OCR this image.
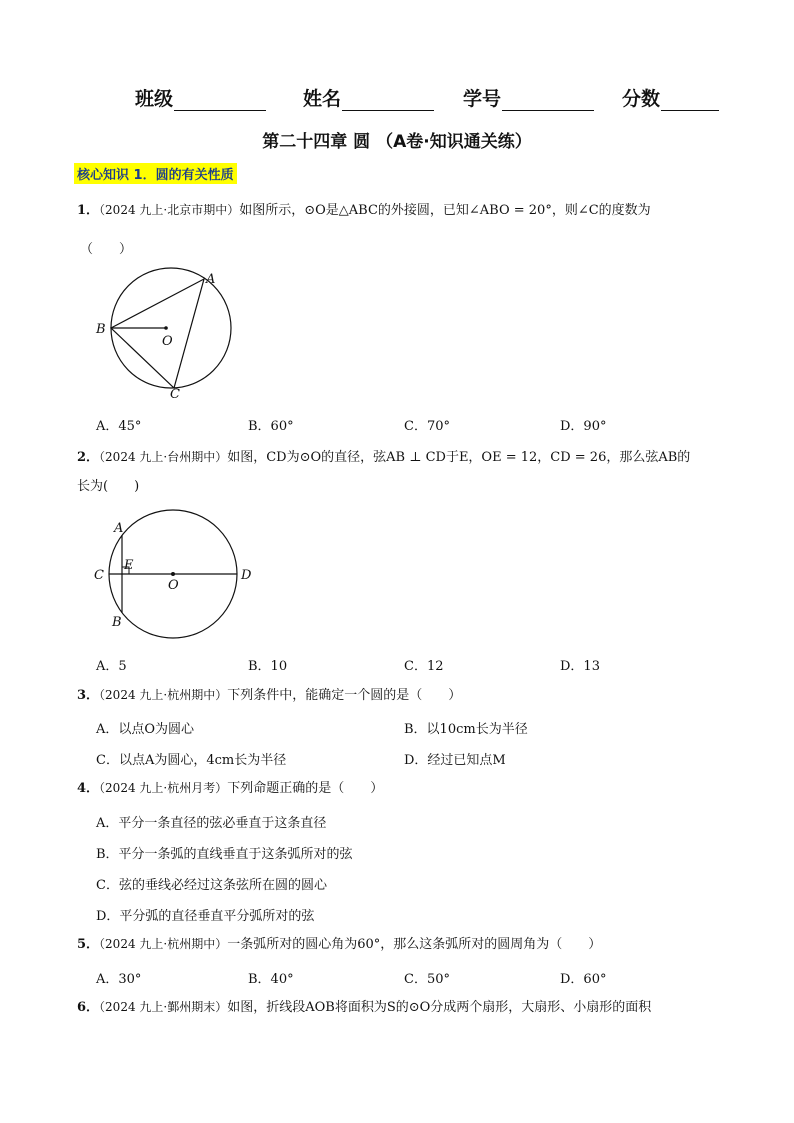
班级	姓名	学号	分数
第二十四章 圆 （A卷·知识通关练）
核心知识 1．圆的有关性质
1．（2024 九上·北京市期中）如图所示，⊙O是△ABC的外接圆，已知∠ABO = 20°，则∠C的度数为
（　　）
A
B
C
O
A．45°	B．60°	C．70°	D．90°
2．（2024 九上·台州期中）如图，CD为⊙O的直径，弦AB ⊥ CD于E，OE = 12，CD = 26，那么弦AB的
长为(　　)
A
B
C	D
E
O
A．5	B．10	C．12	D．13
3．（2024 九上·杭州期中）下列条件中，能确定一个圆的是（　　）
A．以点O为圆心	B．以10cm长为半径
C．以点A为圆心，4cm长为半径	D．经过已知点M
4．（2024 九上·杭州月考）下列命题正确的是（　　）
A．平分一条直径的弦必垂直于这条直径
B．平分一条弧的直线垂直于这条弧所对的弦
C．弦的垂线必经过这条弦所在圆的圆心
D．平分弧的直径垂直平分弧所对的弦
5．（2024 九上·杭州期中）一条弧所对的圆心角为60°，那么这条弧所对的圆周角为（　　）
A．30°	B．40°	C．50°	D．60°
6．（2024 九上·鄞州期末）如图，折线段AOB将面积为S的⊙O分成两个扇形，大扇形、小扇形的面积
